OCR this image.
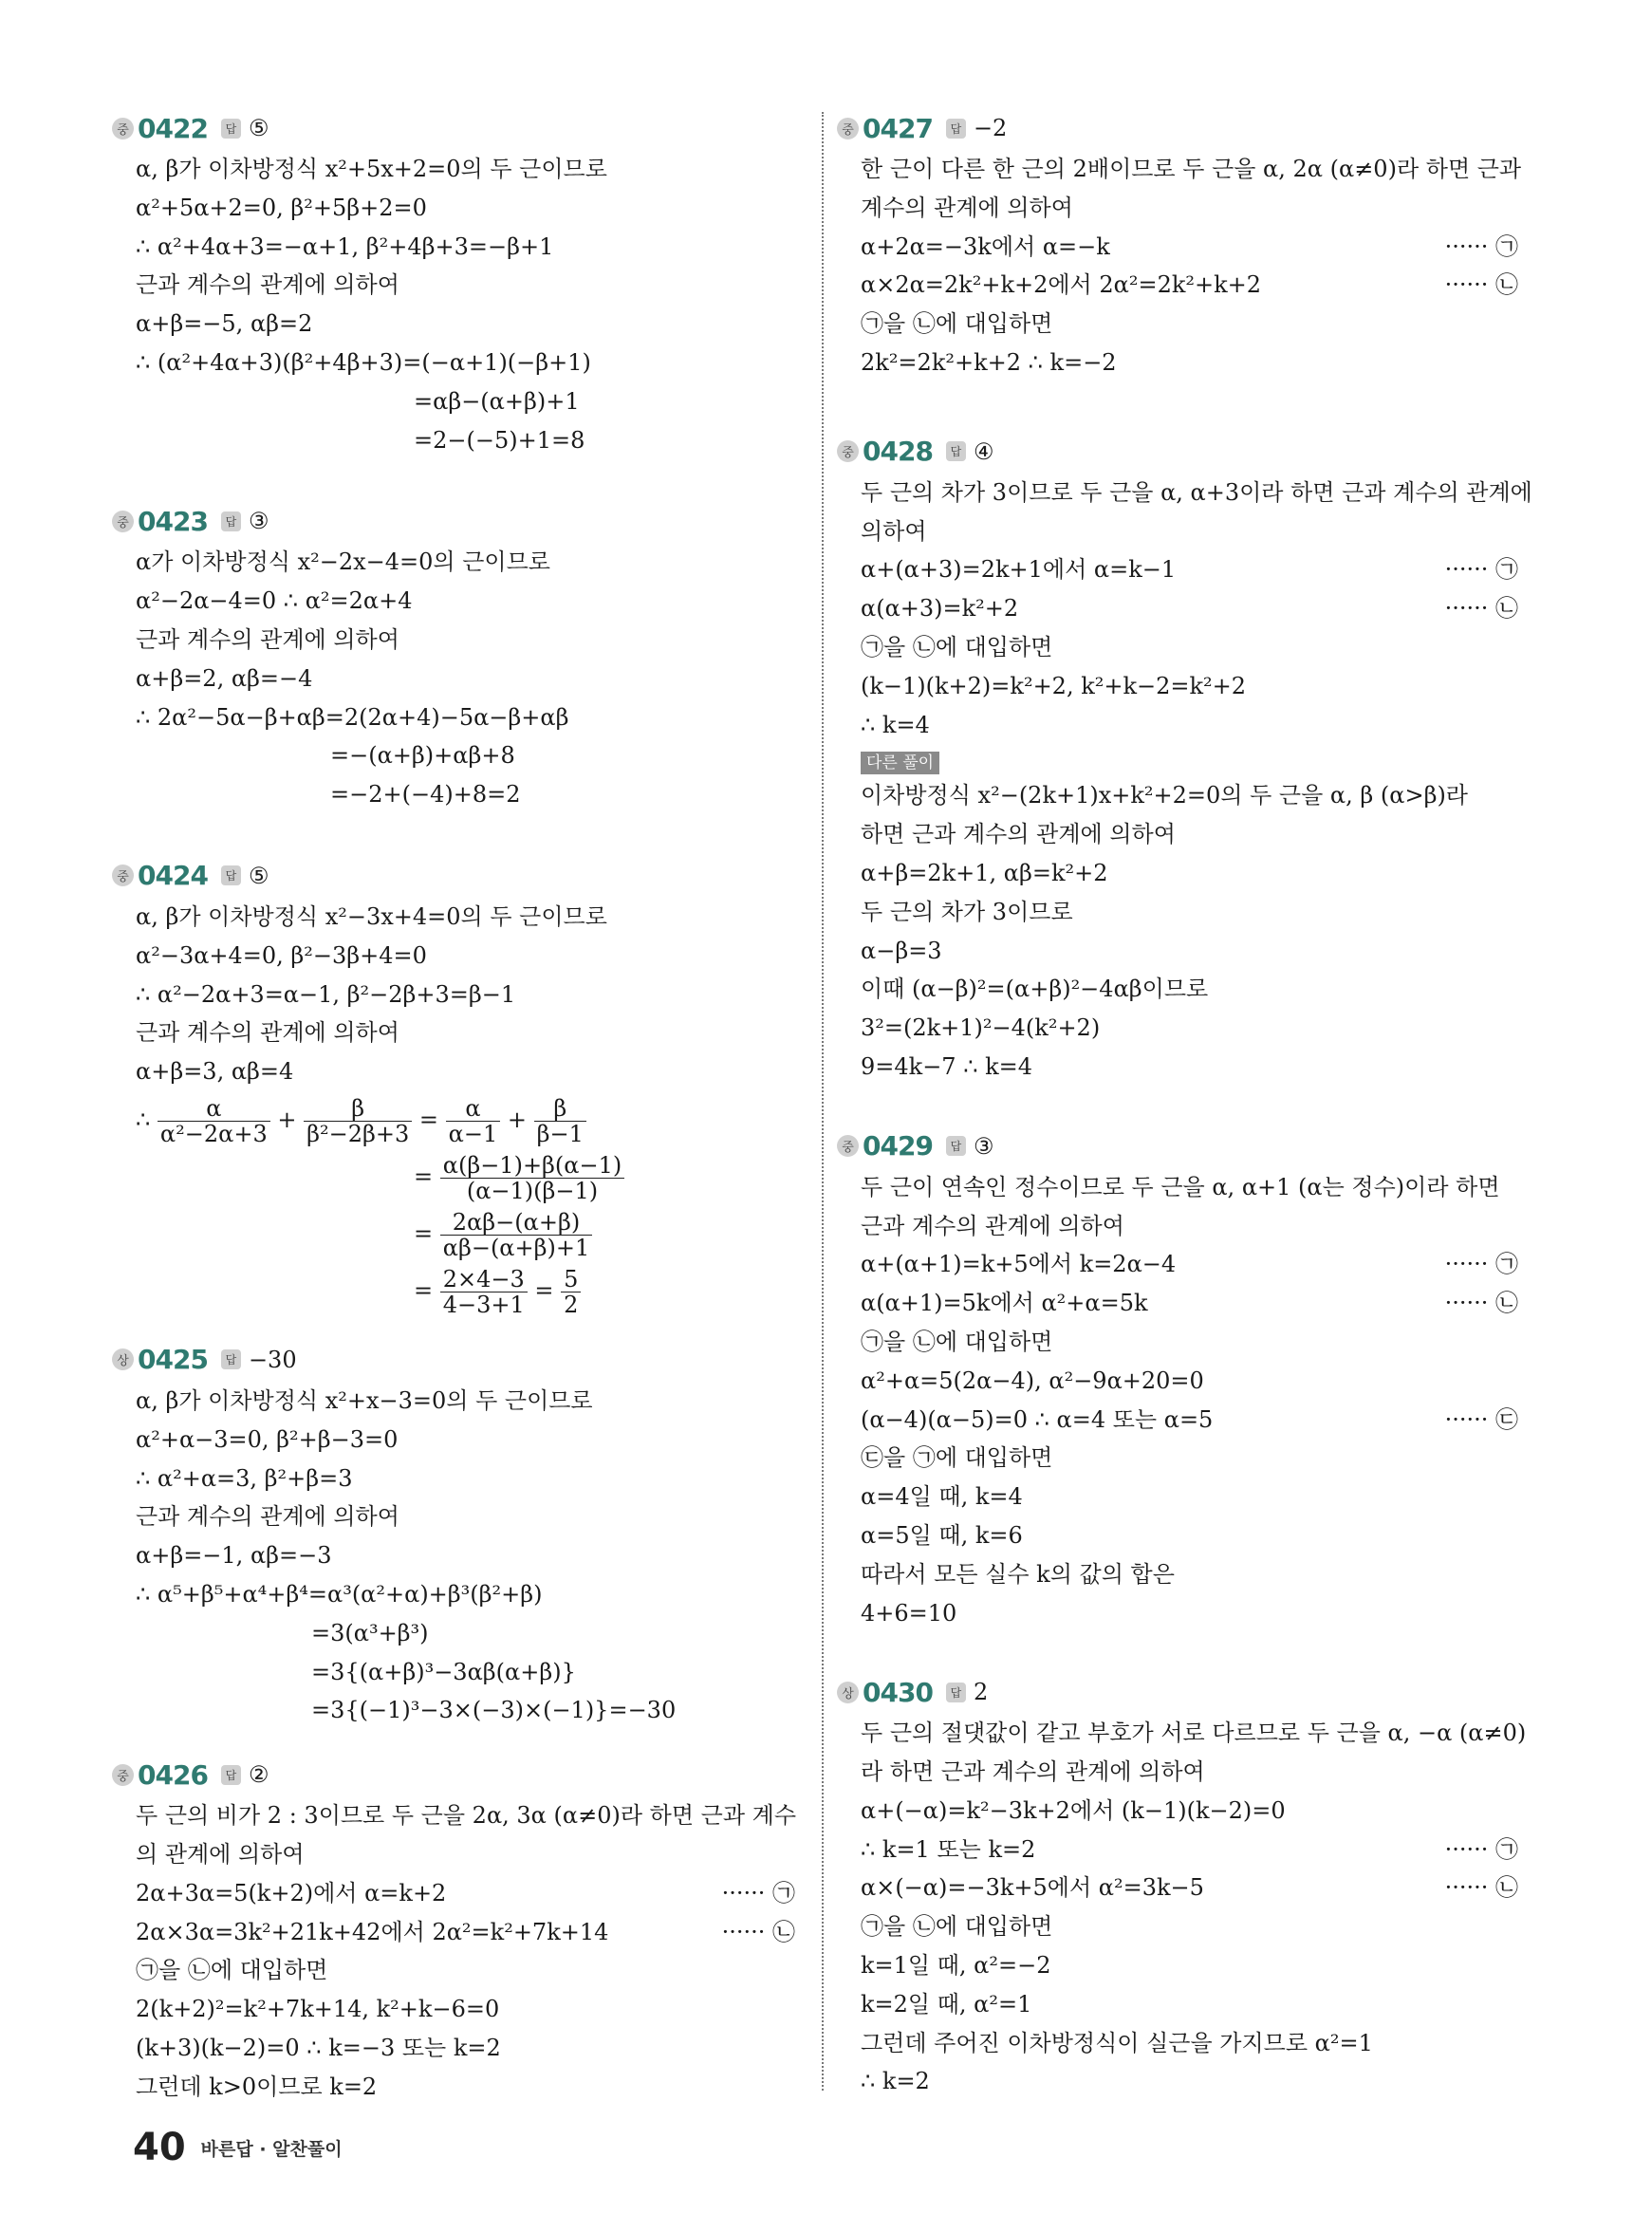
중 0422	답 ⑤
α, β가 이차방정식 x²+5x+2=0의 두 근이므로
α²+5α+2=0, β²+5β+2=0
∴ α²+4α+3=−α+1, β²+4β+3=−β+1
근과 계수의 관계에 의하여
α+β=−5, αβ=2
∴ (α²+4α+3)(β²+4β+3)=(−α+1)(−β+1)
=αβ−(α+β)+1
=2−(−5)+1=8
중 0423	답 ③
α가 이차방정식 x²−2x−4=0의 근이므로
α²−2α−4=0 ∴ α²=2α+4
근과 계수의 관계에 의하여
α+β=2, αβ=−4
∴ 2α²−5α−β+αβ=2(2α+4)−5α−β+αβ
=−(α+β)+αβ+8
=−2+(−4)+8=2
중 0424	답 ⑤
α, β가 이차방정식 x²−3x+4=0의 두 근이므로
α²−3α+4=0, β²−3β+4=0
∴ α²−2α+3=α−1, β²−2β+3=β−1
근과 계수의 관계에 의하여
α+β=3, αβ=4
∴ $\frac{\alpha}{\text{α²−2α+3}} + \frac{\beta}{\text{β²−2β+3}} = \frac{\alpha}{\alpha-1} + \frac{\beta}{\beta-1}$
= $\frac{\alpha(\beta-1)+\beta(\alpha-1)}{(\alpha-1)(\beta-1)}$
= $\frac{2\alpha\beta-(\alpha+\beta)}{\alpha\beta-(\alpha+\beta)+1}$
= $\frac{2\times 4-3}{4-3+1} = \frac{5}{2}$
상 0425	답 −30
α, β가 이차방정식 x²+x−3=0의 두 근이므로
α²+α−3=0, β²+β−3=0
∴ α²+α=3, β²+β=3
근과 계수의 관계에 의하여
α+β=−1, αβ=−3
∴ α⁵+β⁵+α⁴+β⁴=α³(α²+α)+β³(β²+β)
=3(α³+β³)
=3{(α+β)³−3αβ(α+β)}
=3{(−1)³−3×(−3)×(−1)}=−30
중 0426	답 ②
두 근의 비가 2 : 3이므로 두 근을 2α, 3α (α≠0)라 하면 근과 계수
의 관계에 의하여
2α+3α=5(k+2)에서 α=k+2	······ ㉠
2α×3α=3k²+21k+42에서 2α²=k²+7k+14	······ ㉡
㉠을 ㉡에 대입하면
2(k+2)²=k²+7k+14, k²+k−6=0
(k+3)(k−2)=0 ∴ k=−3 또는 k=2
그런데 k>0이므로 k=2
중 0427	답 −2
한 근이 다른 한 근의 2배이므로 두 근을 α, 2α (α≠0)라 하면 근과
계수의 관계에 의하여
α+2α=−3k에서 α=−k	······ ㉠
α×2α=2k²+k+2에서 2α²=2k²+k+2	······ ㉡
㉠을 ㉡에 대입하면
2k²=2k²+k+2 ∴ k=−2
중 0428	답 ④
두 근의 차가 3이므로 두 근을 α, α+3이라 하면 근과 계수의 관계에
의하여
α+(α+3)=2k+1에서 α=k−1	······ ㉠
α(α+3)=k²+2	······ ㉡
㉠을 ㉡에 대입하면
(k−1)(k+2)=k²+2, k²+k−2=k²+2
∴ k=4
다른 풀이
이차방정식 x²−(2k+1)x+k²+2=0의 두 근을 α, β (α>β)라
하면 근과 계수의 관계에 의하여
α+β=2k+1, αβ=k²+2
두 근의 차가 3이므로
α−β=3
이때 (α−β)²=(α+β)²−4αβ이므로
3²=(2k+1)²−4(k²+2)
9=4k−7 ∴ k=4
중 0429	답 ③
두 근이 연속인 정수이므로 두 근을 α, α+1 (α는 정수)이라 하면
근과 계수의 관계에 의하여
α+(α+1)=k+5에서 k=2α−4	······ ㉠
α(α+1)=5k에서 α²+α=5k	······ ㉡
㉠을 ㉡에 대입하면
α²+α=5(2α−4), α²−9α+20=0
(α−4)(α−5)=0 ∴ α=4 또는 α=5	······ ㉢
㉢을 ㉠에 대입하면
α=4일 때, k=4
α=5일 때, k=6
따라서 모든 실수 k의 값의 합은
4+6=10
상 0430	답 2
두 근의 절댓값이 같고 부호가 서로 다르므로 두 근을 α, −α (α≠0)
라 하면 근과 계수의 관계에 의하여
α+(−α)=k²−3k+2에서 (k−1)(k−2)=0
∴ k=1 또는 k=2	······ ㉠
α×(−α)=−3k+5에서 α²=3k−5	······ ㉡
㉠을 ㉡에 대입하면
k=1일 때, α²=−2
k=2일 때, α²=1
그런데 주어진 이차방정식이 실근을 가지므로 α²=1
∴ k=2
40 바른답 · 알찬풀이
